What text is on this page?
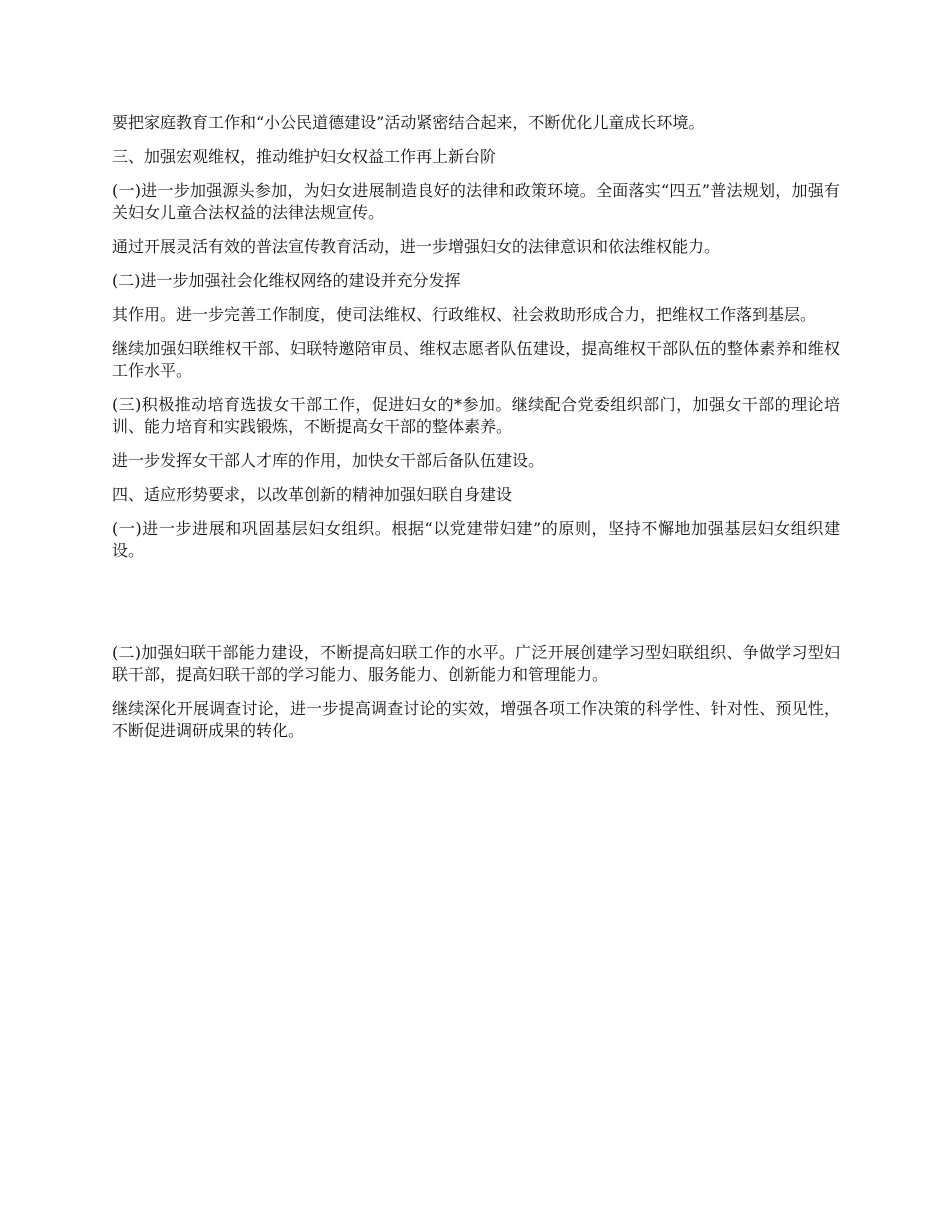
要把家庭教育工作和“小公民道德建设”活动紧密结合起来，不断优化儿童成长环境。

三、加强宏观维权，推动维护妇女权益工作再上新台阶

(一)进一步加强源头参加，为妇女进展制造良好的法律和政策环境。全面落实“四五”普法规划，加强有关妇女儿童合法权益的法律法规宣传。

通过开展灵活有效的普法宣传教育活动，进一步增强妇女的法律意识和依法维权能力。

(二)进一步加强社会化维权网络的建设并充分发挥

其作用。进一步完善工作制度，使司法维权、行政维权、社会救助形成合力，把维权工作落到基层。

继续加强妇联维权干部、妇联特邀陪审员、维权志愿者队伍建设，提高维权干部队伍的整体素养和维权工作水平。

(三)积极推动培育选拔女干部工作，促进妇女的*参加。继续配合党委组织部门，加强女干部的理论培训、能力培育和实践锻炼，不断提高女干部的整体素养。

进一步发挥女干部人才库的作用，加快女干部后备队伍建设。

四、适应形势要求，以改革创新的精神加强妇联自身建设

(一)进一步进展和巩固基层妇女组织。根据“以党建带妇建”的原则，坚持不懈地加强基层妇女组织建设。

(二)加强妇联干部能力建设，不断提高妇联工作的水平。广泛开展创建学习型妇联组织、争做学习型妇联干部，提高妇联干部的学习能力、服务能力、创新能力和管理能力。

继续深化开展调查讨论，进一步提高调查讨论的实效，增强各项工作决策的科学性、针对性、预见性，不断促进调研成果的转化。
